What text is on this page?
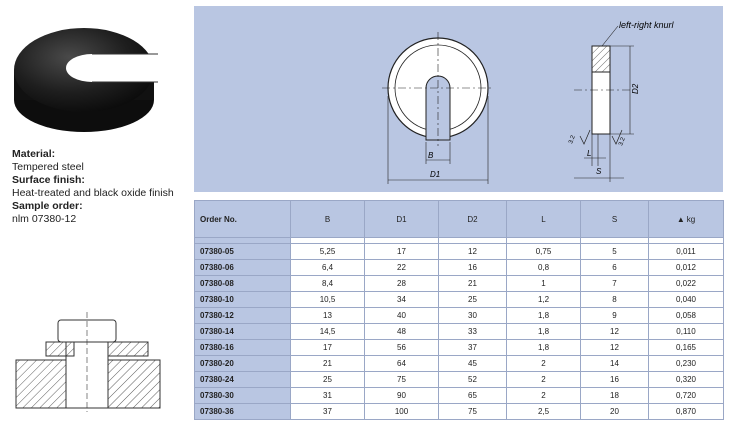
Material:
Tempered steel
Surface finish:
Heat-treated and black oxide finish
Sample order:
nlm 07380-12
B
D1
D2
left-right knurl
L
S
3.2	3.2
Order No.	B	D1	D2	L	S	▲ kg

07380-05	5,25	17	12	0,75	5	0,011
07380-06	6,4	22	16	0,8	6	0,012
07380-08	8,4	28	21	1	7	0,022
07380-10	10,5	34	25	1,2	8	0,040
07380-12	13	40	30	1,8	9	0,058
07380-14	14,5	48	33	1,8	12	0,110
07380-16	17	56	37	1,8	12	0,165
07380-20	21	64	45	2	14	0,230
07380-24	25	75	52	2	16	0,320
07380-30	31	90	65	2	18	0,720
07380-36	37	100	75	2,5	20	0,870
